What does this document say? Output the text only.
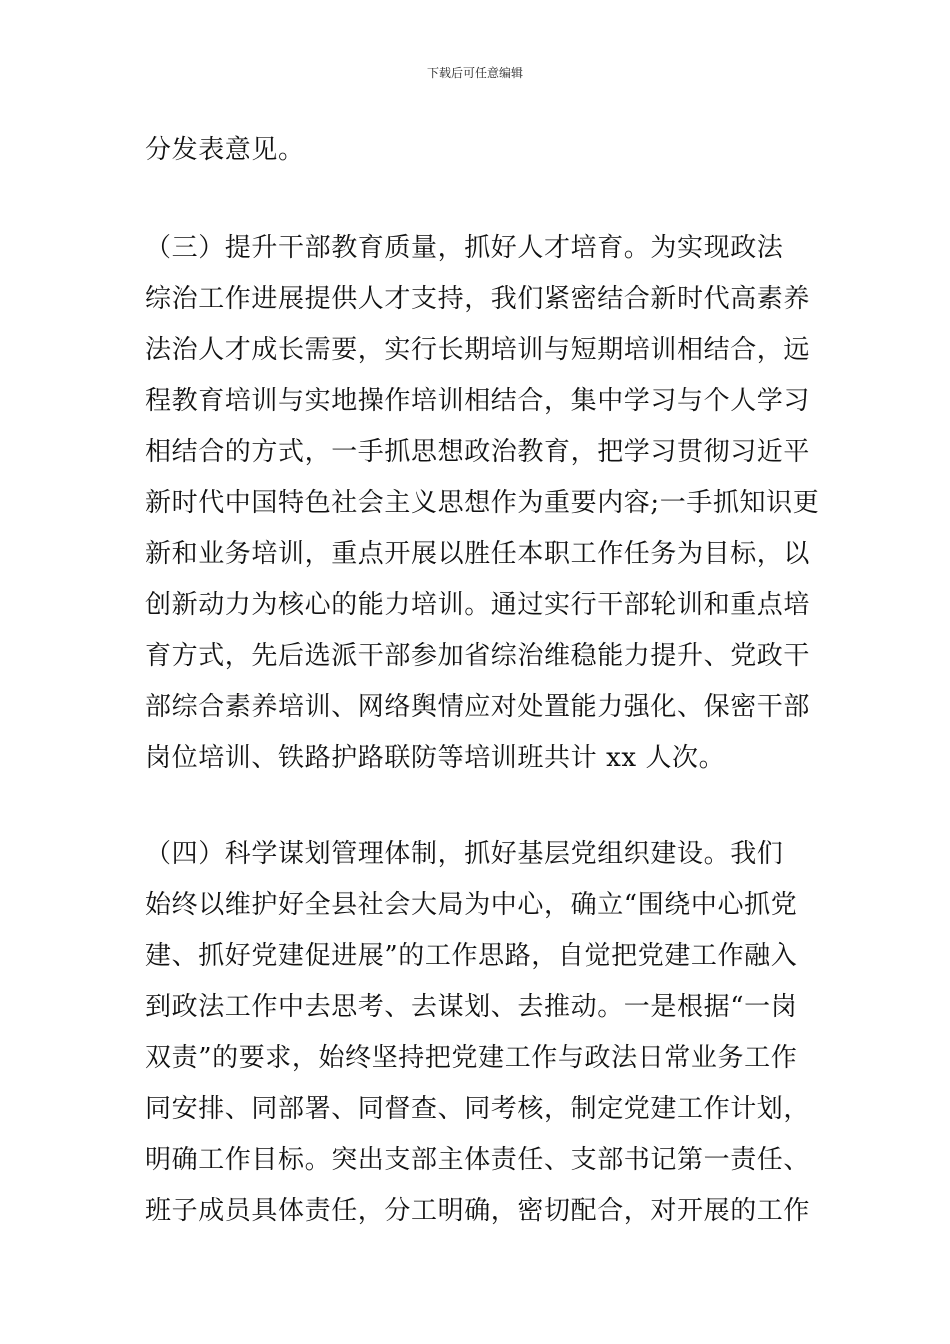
下载后可任意编辑
分发表意见。
（三）提升干部教育质量，抓好人才培育。为实现政法
综治工作进展提供人才支持，我们紧密结合新时代高素养
法治人才成长需要，实行长期培训与短期培训相结合，远
程教育培训与实地操作培训相结合，集中学习与个人学习
相结合的方式，一手抓思想政治教育，把学习贯彻习近平
新时代中国特色社会主义思想作为重要内容;一手抓知识更
新和业务培训，重点开展以胜任本职工作任务为目标，以
创新动力为核心的能力培训。通过实行干部轮训和重点培
育方式，先后选派干部参加省综治维稳能力提升、党政干
部综合素养培训、网络舆情应对处置能力强化、保密干部
岗位培训、铁路护路联防等培训班共计 xx 人次。
（四）科学谋划管理体制，抓好基层党组织建设。我们
始终以维护好全县社会大局为中心，确立“围绕中心抓党
建、抓好党建促进展”的工作思路，自觉把党建工作融入
到政法工作中去思考、去谋划、去推动。一是根据“一岗
双责”的要求，始终坚持把党建工作与政法日常业务工作
同安排、同部署、同督查、同考核，制定党建工作计划，
明确工作目标。突出支部主体责任、支部书记第一责任、
班子成员具体责任，分工明确，密切配合，对开展的工作
